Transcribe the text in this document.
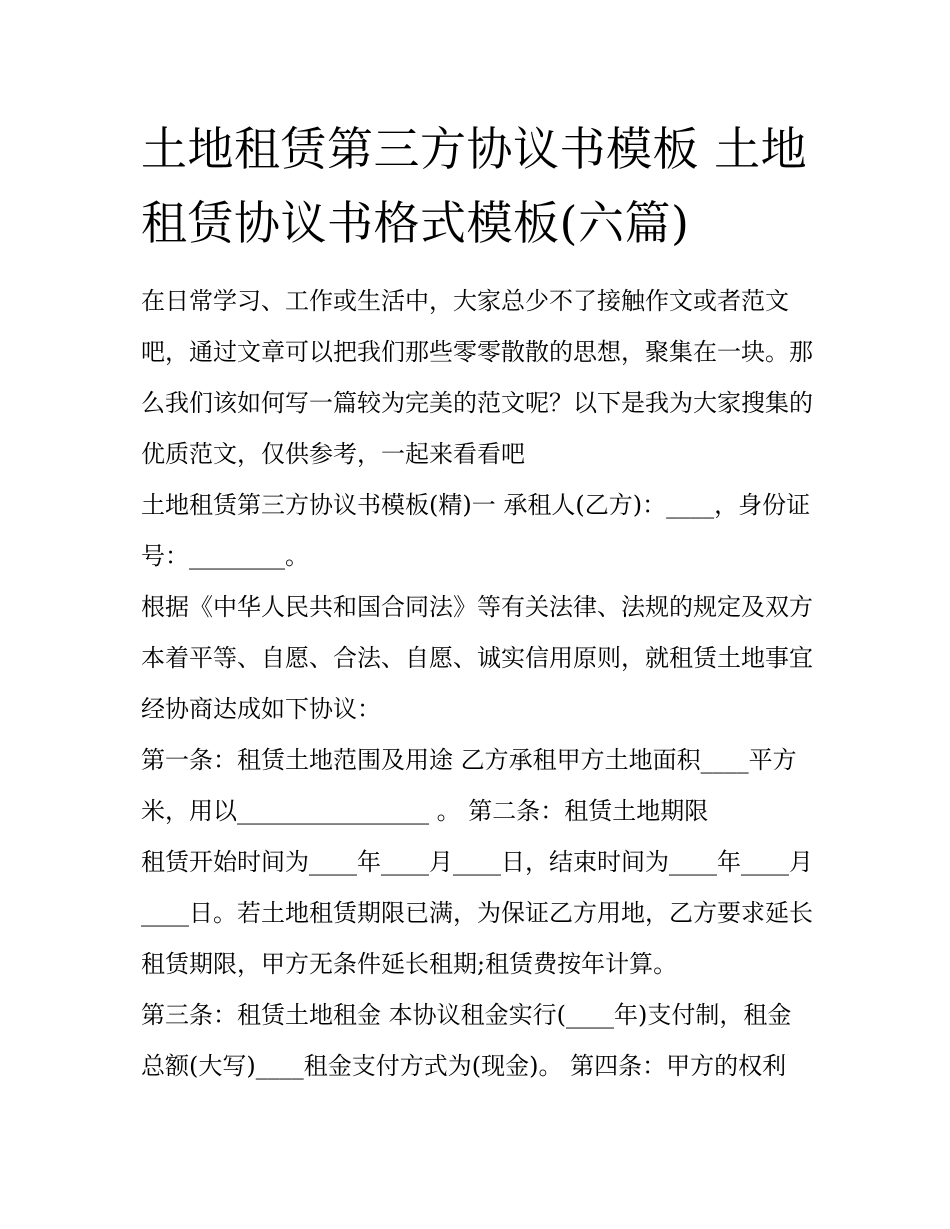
土地租赁第三方协议书模板 土地租赁协议书格式模板(六篇)

在日常学习、工作或生活中，大家总少不了接触作文或者范文吧，通过文章可以把我们那些零零散散的思想，聚集在一块。那么我们该如何写一篇较为完美的范文呢？以下是我为大家搜集的优质范文，仅供参考，一起来看看吧

土地租赁第三方协议书模板(精)一 承租人(乙方)：____，身份证号：________。

根据《中华人民共和国合同法》等有关法律、法规的规定及双方本着平等、自愿、合法、自愿、诚实信用原则，就租赁土地事宜经协商达成如下协议：

第一条：租赁土地范围及用途 乙方承租甲方土地面积____平方米，用以________________ 。 第二条：租赁土地期限

租赁开始时间为____年____月____日，结束时间为____年____月____日。若土地租赁期限已满，为保证乙方用地，乙方要求延长租赁期限，甲方无条件延长租期;租赁费按年计算。

第三条：租赁土地租金 本协议租金实行(____年)支付制，租金总额(大写)____租金支付方式为(现金)。 第四条：甲方的权利
